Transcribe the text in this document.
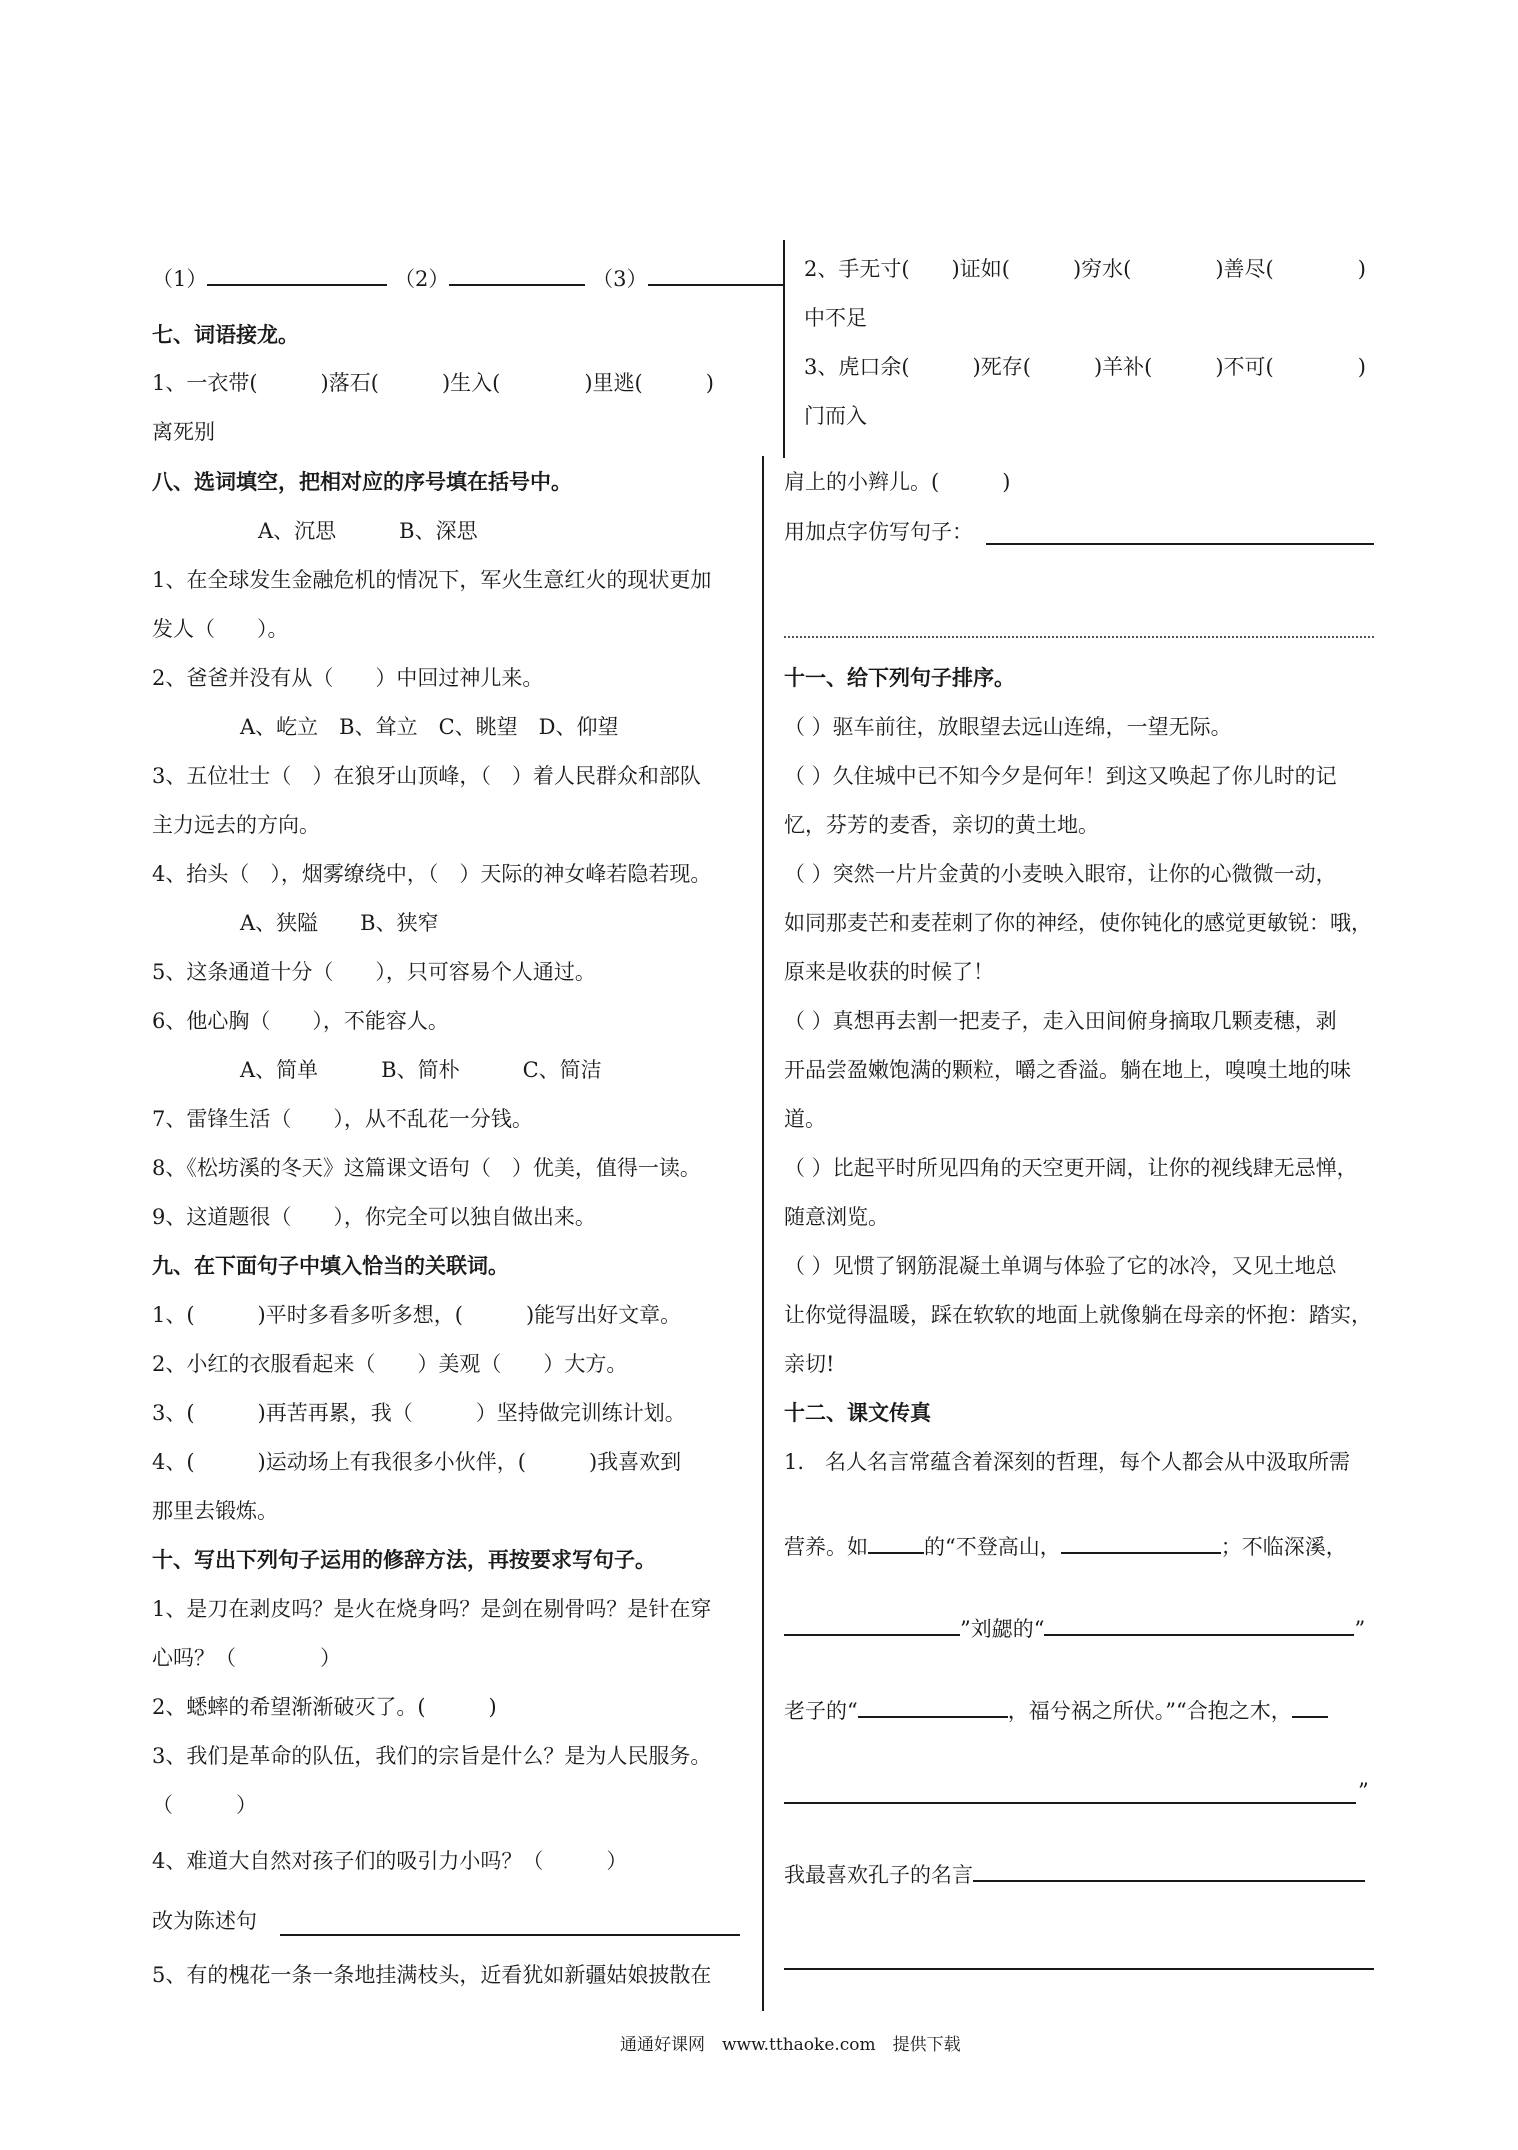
（1）	（2）	（3）
七、词语接龙。
1、一衣带(　　　)落石(　　　)生入(　　　　)里逃(　　　)
离死别
八、选词填空，把相对应的序号填在括号中。
A、沉思　　　B、深思
1、在全球发生金融危机的情况下，军火生意红火的现状更加
发人（　　）。
2、爸爸并没有从（　　）中回过神儿来。
A、屹立　B、耸立　C、眺望　D、仰望
3、五位壮士（　）在狼牙山顶峰，（　）着人民群众和部队
主力远去的方向。
4、抬头（　），烟雾缭绕中，（　）天际的神女峰若隐若现。
A、狭隘　　B、狭窄
5、这条通道十分（　　），只可容易个人通过。
6、他心胸（　　），不能容人。
A、简单　　　B、简朴　　　C、简洁
7、雷锋生活（　　），从不乱花一分钱。
8、《松坊溪的冬天》这篇课文语句（　）优美，值得一读。
9、这道题很（　　），你完全可以独自做出来。
九、在下面句子中填入恰当的关联词。
1、(　　　)平时多看多听多想，(　　　)能写出好文章。
2、小红的衣服看起来（　　）美观（　　）大方。
3、(　　　)再苦再累，我（　　　）坚持做完训练计划。
4、(　　　)运动场上有我很多小伙伴，(　　　)我喜欢到
那里去锻炼。
十、写出下列句子运用的修辞方法，再按要求写句子。
1、是刀在剥皮吗？是火在烧身吗？是剑在剔骨吗？是针在穿
心吗？（　　　　）
2、蟋蟀的希望渐渐破灭了。(　　　)
3、我们是革命的队伍，我们的宗旨是什么？是为人民服务。
（　　　）
4、难道大自然对孩子们的吸引力小吗？（　　　）
改为陈述句
5、有的槐花一条一条地挂满枝头，近看犹如新疆姑娘披散在
2、手无寸(　　)证如(　　　)穷水(　　　　)善尽(　　　　)
中不足
3、虎口余(　　　)死存(　　　)羊补(　　　)不可(　　　　)
门而入
肩上的小辫儿。(　　　)
用加点字仿写句子：
十一、给下列句子排序。
（ ）驱车前往，放眼望去远山连绵，一望无际。
（ ）久住城中已不知今夕是何年！到这又唤起了你儿时的记
忆，芬芳的麦香，亲切的黄土地。
（ ）突然一片片金黄的小麦映入眼帘，让你的心微微一动，
如同那麦芒和麦茬刺了你的神经，使你钝化的感觉更敏锐：哦，
原来是收获的时候了！
（ ）真想再去割一把麦子，走入田间俯身摘取几颗麦穗，剥
开品尝盈嫩饱满的颗粒，嚼之香溢。躺在地上，嗅嗅土地的味
道。
（ ）比起平时所见四角的天空更开阔，让你的视线肆无忌惮，
随意浏览。
（ ）见惯了钢筋混凝土单调与体验了它的冰冷，又见土地总
让你觉得温暖，踩在软软的地面上就像躺在母亲的怀抱：踏实，
亲切!
十二、课文传真
1.　名人名言常蕴含着深刻的哲理，每个人都会从中汲取所需
营养。如	的“不登高山，	；不临深溪，
”刘勰的“	”
老子的“	，福兮祸之所伏。”“合抱之木，
”
我最喜欢孔子的名言
通通好课网　www.tthaoke.com　提供下载
